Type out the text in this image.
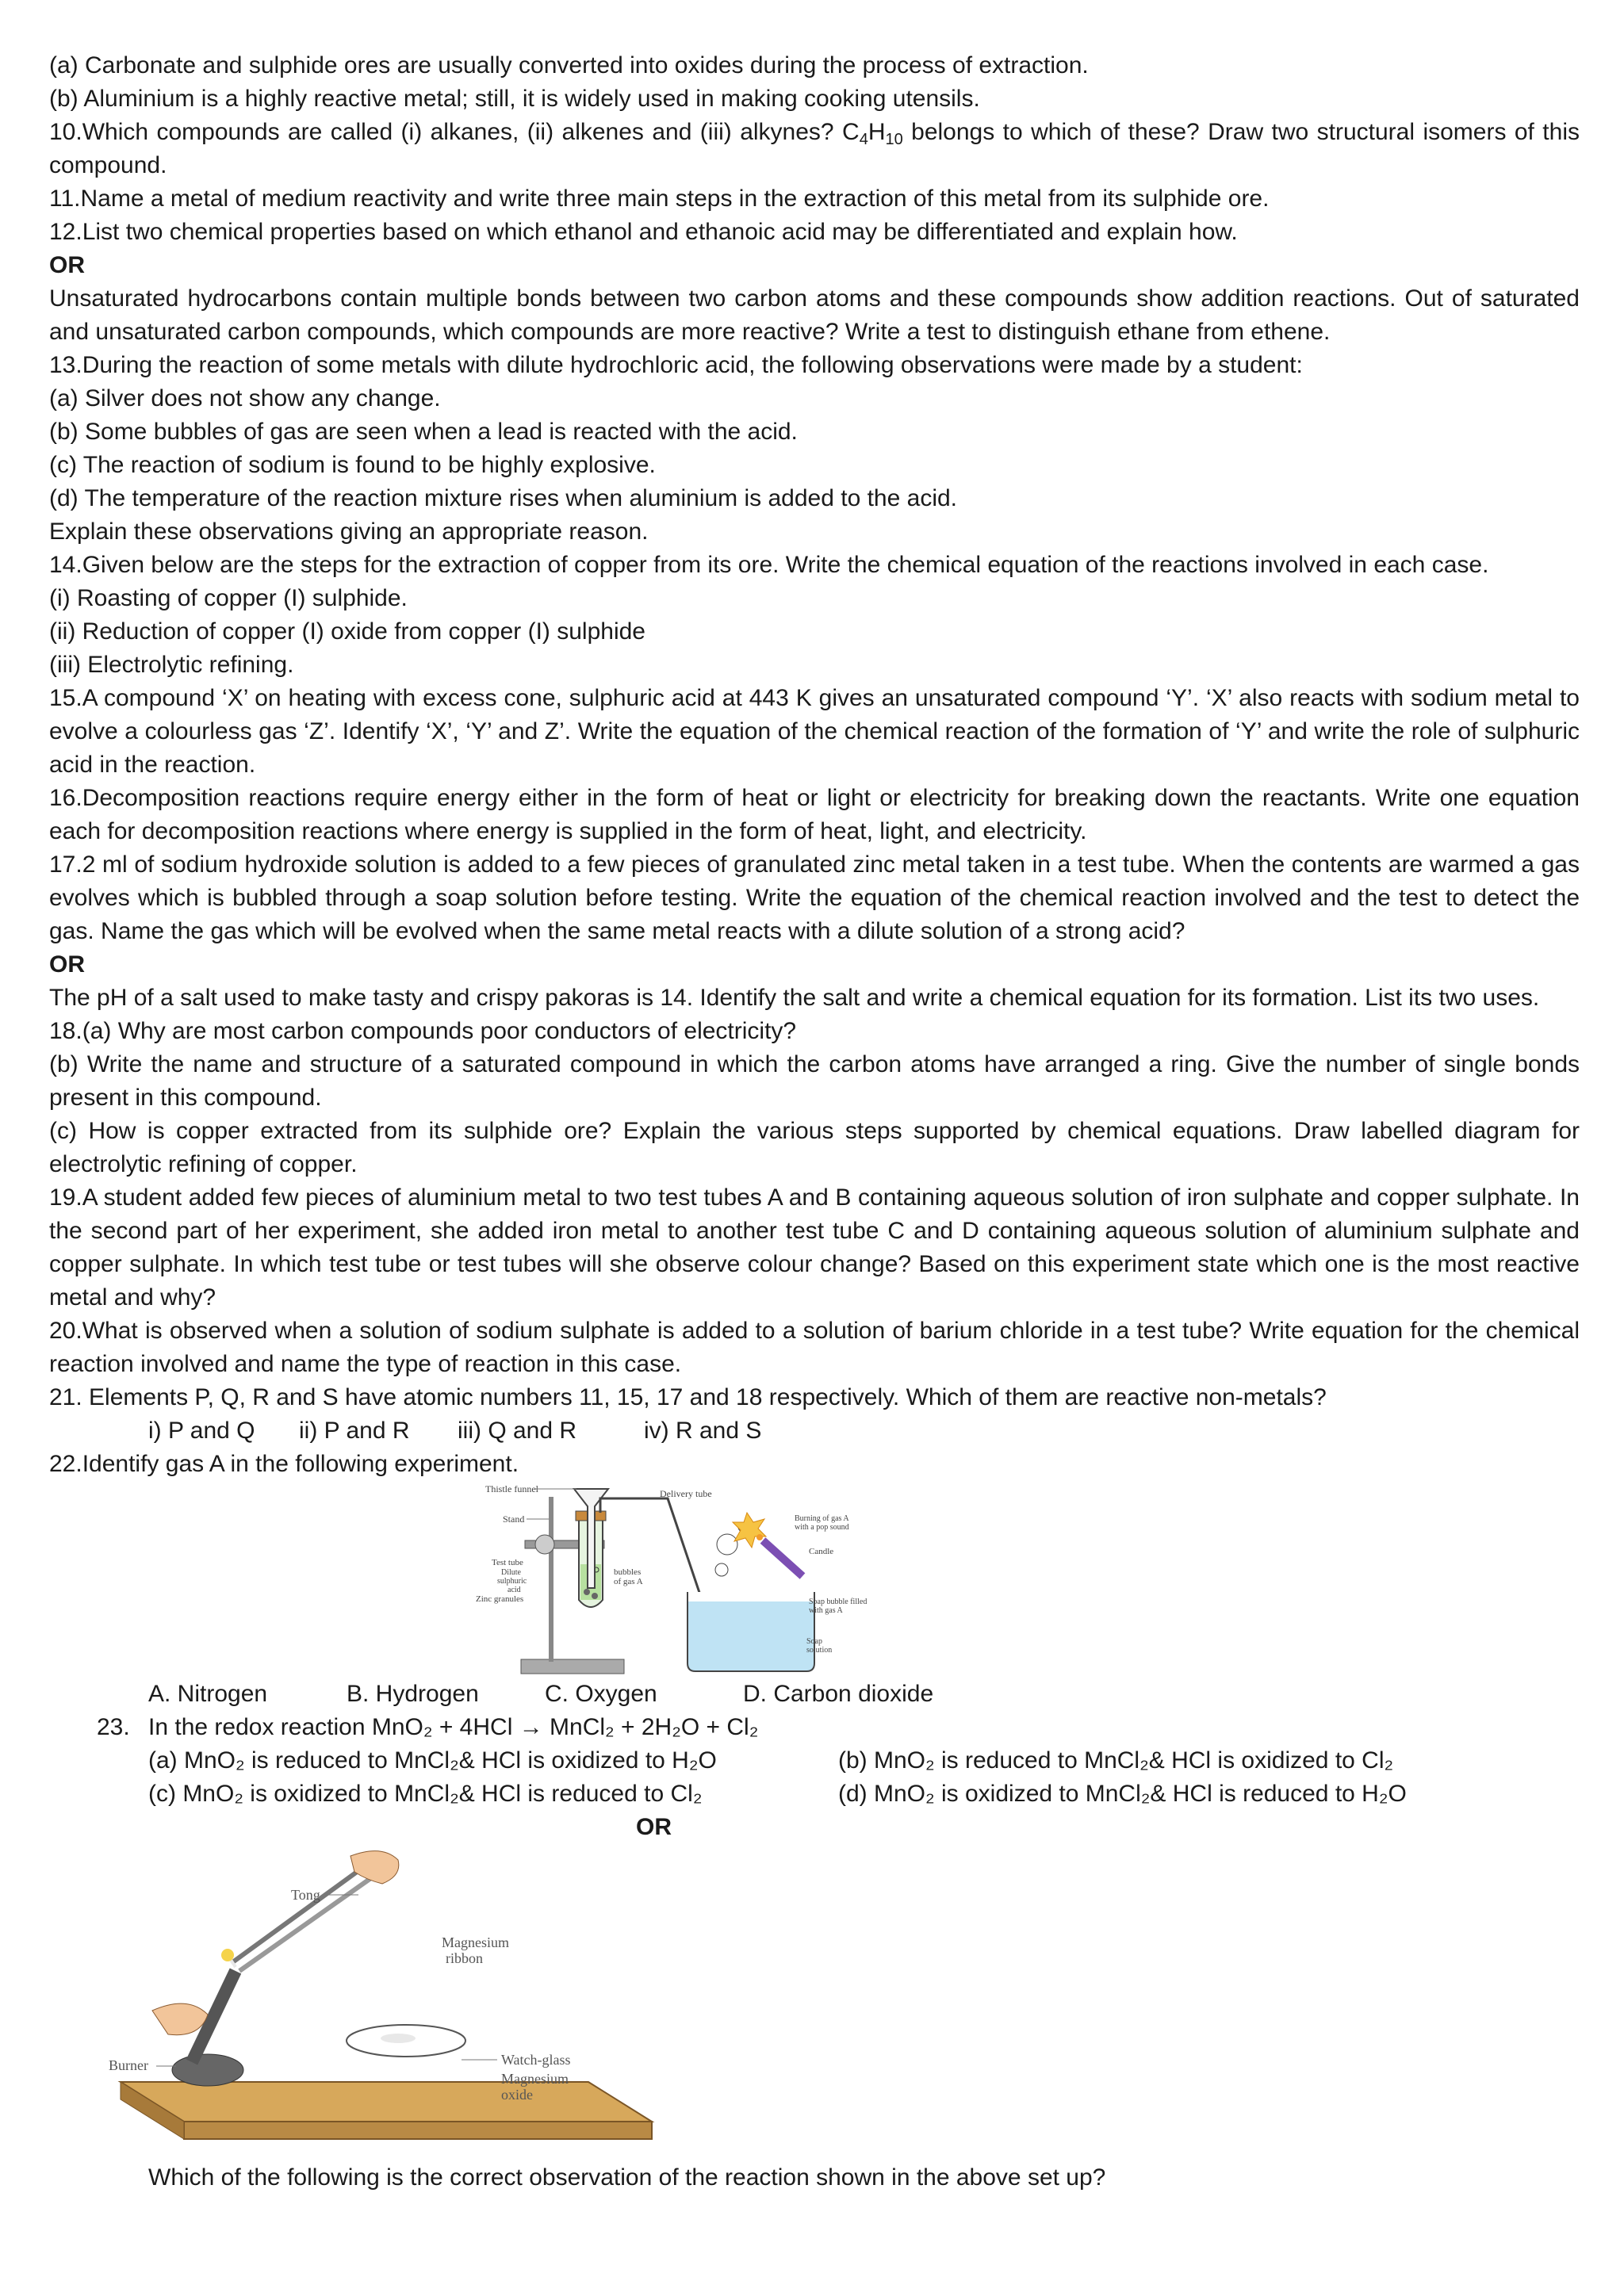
(a) Carbonate and sulphide ores are usually converted into oxides during the process of extraction.

(b) Aluminium is a highly reactive metal; still, it is widely used in making cooking utensils.

10.Which compounds are called (i) alkanes, (ii) alkenes and (iii) alkynes? $C_4H_{10}$ belongs to which of these? Draw two structural isomers of this compound.

11.Name a metal of medium reactivity and write three main steps in the extraction of this metal from its sulphide ore.

12.List two chemical properties based on which ethanol and ethanoic acid may be differentiated and explain how.

OR

Unsaturated hydrocarbons contain multiple bonds between two carbon atoms and these compounds show addition reactions. Out of saturated and unsaturated carbon compounds, which compounds are more reactive? Write a test to distinguish ethane from ethene.

13.During the reaction of some metals with dilute hydrochloric acid, the following observations were made by a student:

(a) Silver does not show any change.

(b) Some bubbles of gas are seen when a lead is reacted with the acid.

(c) The reaction of sodium is found to be highly explosive.

(d) The temperature of the reaction mixture rises when aluminium is added to the acid.

Explain these observations giving an appropriate reason.

14.Given below are the steps for the extraction of copper from its ore. Write the chemical equation of the reactions involved in each case.

(i) Roasting of copper (I) sulphide.

(ii) Reduction of copper (I) oxide from copper (I) sulphide

(iii) Electrolytic refining.

15.A compound ‘X’ on heating with excess cone, sulphuric acid at 443 K gives an unsaturated compound ‘Y’. ‘X’ also reacts with sodium metal to evolve a colourless gas ‘Z’. Identify ‘X’, ‘Y’ and Z’. Write the equation of the chemical reaction of the formation of ‘Y’ and write the role of sulphuric acid in the reaction.

16.Decomposition reactions require energy either in the form of heat or light or electricity for breaking down the reactants. Write one equation each for decomposition reactions where energy is supplied in the form of heat, light, and electricity.

17.2 ml of sodium hydroxide solution is added to a few pieces of granulated zinc metal taken in a test tube. When the contents are warmed a gas evolves which is bubbled through a soap solution before testing. Write the equation of the chemical reaction involved and the test to detect the gas. Name the gas which will be evolved when the same metal reacts with a dilute solution of a strong acid?

OR

The pH of a salt used to make tasty and crispy pakoras is 14. Identify the salt and write a chemical equation for its formation. List its two uses.

18.(a) Why are most carbon compounds poor conductors of electricity?

(b) Write the name and structure of a saturated compound in which the carbon atoms have arranged a ring. Give the number of single bonds present in this compound.

(c) How is copper extracted from its sulphide ore? Explain the various steps supported by chemical equations. Draw labelled diagram for electrolytic refining of copper.

19.A student added few pieces of aluminium metal to two test tubes A and B containing aqueous solution of iron sulphate and copper sulphate. In the second part of her experiment, she added iron metal to another test tube C and D containing aqueous solution of aluminium sulphate and copper sulphate. In which test tube or test tubes will she observe colour change? Based on this experiment state which one is the most reactive metal and why?

20.What is observed when a solution of sodium sulphate is added to a solution of barium chloride in a test tube? Write equation for the chemical reaction involved and name the type of reaction in this case.

21. Elements P, Q, R and S have atomic numbers 11, 15, 17 and 18 respectively. Which of them are reactive non-metals?

i) P and Q ii) P and R iii) Q and R	iv) R and S

22.Identify gas A in the following experiment.

Thistle funnel	Delivery tube
Stand
Test tube
Dilute
sulphuric
acid
Zinc granules
bubbles
of gas A
Burning of gas A
with a pop sound
Candle
Soap bubble filled
with gas A
Soap
solution

A. Nitrogen	B. Hydrogen	C. Oxygen	D. Carbon dioxide

23. In the redox reaction MnO₂ + 4HCl → MnCl₂ + 2H₂O + Cl₂
(a) MnO₂ is reduced to MnCl₂& HCl is oxidized to H₂O	(b) MnO₂ is reduced to MnCl₂& HCl is oxidized to Cl₂
(c) MnO₂ is oxidized to MnCl₂& HCl is reduced to Cl₂	(d) MnO₂ is oxidized to MnCl₂& HCl is reduced to H₂O

OR

Tong
Magnesium
ribbon
Burner	Watch-glass
Magnesium
oxide

Which of the following is the correct observation of the reaction shown in the above set up?
